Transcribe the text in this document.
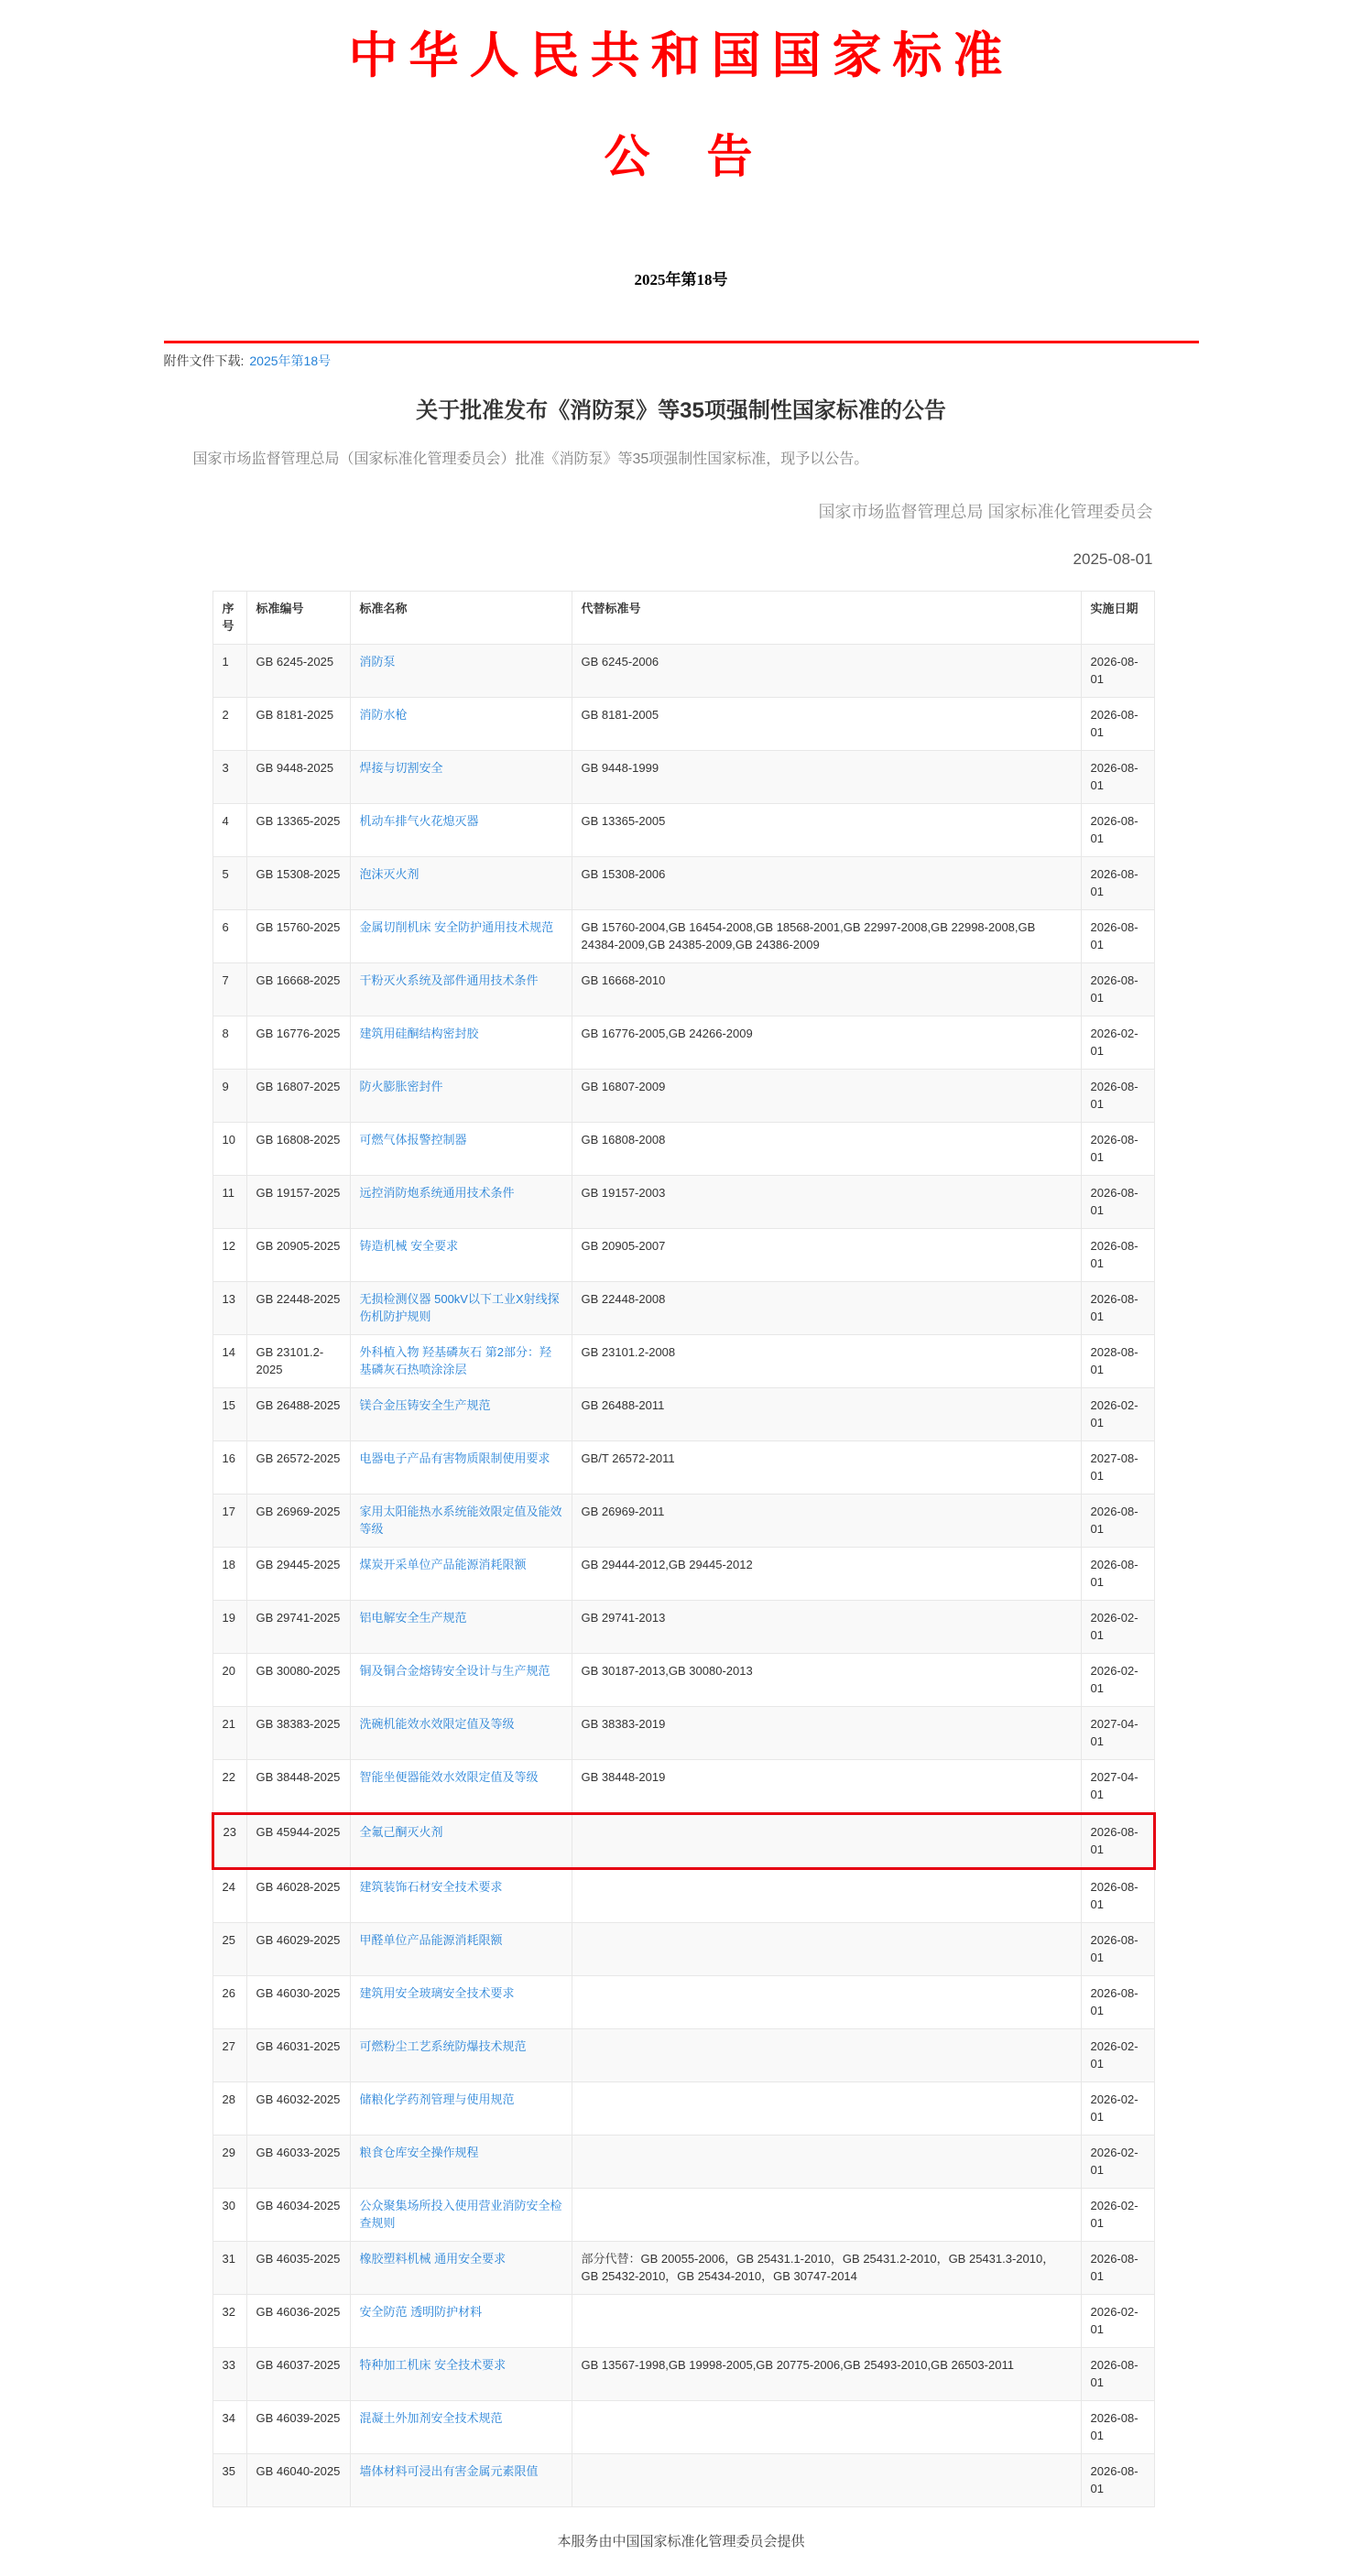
中华人民共和国国家标准
公　告
2025年第18号
附件文件下载: 2025年第18号
关于批准发布《消防泵》等35项强制性国家标准的公告
国家市场监督管理总局（国家标准化管理委员会）批准《消防泵》等35项强制性国家标准，现予以公告。
国家市场监督管理总局 国家标准化管理委员会
2025-08-01
序号	标准编号	标准名称	代替标准号	实施日期
1	GB 6245-2025	消防泵	GB 6245-2006	2026-08-01
2	GB 8181-2025	消防水枪	GB 8181-2005	2026-08-01
3	GB 9448-2025	焊接与切割安全	GB 9448-1999	2026-08-01
4	GB 13365-2025	机动车排气火花熄灭器	GB 13365-2005	2026-08-01
5	GB 15308-2025	泡沫灭火剂	GB 15308-2006	2026-08-01
6	GB 15760-2025	金属切削机床 安全防护通用技术规范	GB 15760-2004,GB 16454-2008,GB 18568-2001,GB 22997-2008,GB 22998-2008,GB 24384-2009,GB 24385-2009,GB 24386-2009	2026-08-01
7	GB 16668-2025	干粉灭火系统及部件通用技术条件	GB 16668-2010	2026-08-01
8	GB 16776-2025	建筑用硅酮结构密封胶	GB 16776-2005,GB 24266-2009	2026-02-01
9	GB 16807-2025	防火膨胀密封件	GB 16807-2009	2026-08-01
10	GB 16808-2025	可燃气体报警控制器	GB 16808-2008	2026-08-01
11	GB 19157-2025	远控消防炮系统通用技术条件	GB 19157-2003	2026-08-01
12	GB 20905-2025	铸造机械 安全要求	GB 20905-2007	2026-08-01
13	GB 22448-2025	无损检测仪器 500kV以下工业X射线探伤机防护规则	GB 22448-2008	2026-08-01
14	GB 23101.2-2025	外科植入物 羟基磷灰石 第2部分：羟基磷灰石热喷涂涂层	GB 23101.2-2008	2028-08-01
15	GB 26488-2025	镁合金压铸安全生产规范	GB 26488-2011	2026-02-01
16	GB 26572-2025	电器电子产品有害物质限制使用要求	GB/T 26572-2011	2027-08-01
17	GB 26969-2025	家用太阳能热水系统能效限定值及能效等级	GB 26969-2011	2026-08-01
18	GB 29445-2025	煤炭开采单位产品能源消耗限额	GB 29444-2012,GB 29445-2012	2026-08-01
19	GB 29741-2025	铝电解安全生产规范	GB 29741-2013	2026-02-01
20	GB 30080-2025	铜及铜合金熔铸安全设计与生产规范	GB 30187-2013,GB 30080-2013	2026-02-01
21	GB 38383-2025	洗碗机能效水效限定值及等级	GB 38383-2019	2027-04-01
22	GB 38448-2025	智能坐便器能效水效限定值及等级	GB 38448-2019	2027-04-01
23	GB 45944-2025	全氟己酮灭火剂		2026-08-01
24	GB 46028-2025	建筑装饰石材安全技术要求		2026-08-01
25	GB 46029-2025	甲醛单位产品能源消耗限额		2026-08-01
26	GB 46030-2025	建筑用安全玻璃安全技术要求		2026-08-01
27	GB 46031-2025	可燃粉尘工艺系统防爆技术规范		2026-02-01
28	GB 46032-2025	储粮化学药剂管理与使用规范		2026-02-01
29	GB 46033-2025	粮食仓库安全操作规程		2026-02-01
30	GB 46034-2025	公众聚集场所投入使用营业消防安全检查规则		2026-02-01
31	GB 46035-2025	橡胶塑料机械 通用安全要求	部分代替：GB 20055-2006，GB 25431.1-2010，GB 25431.2-2010，GB 25431.3-2010，GB 25432-2010，GB 25434-2010，GB 30747-2014	2026-08-01
32	GB 46036-2025	安全防范 透明防护材料		2026-02-01
33	GB 46037-2025	特种加工机床 安全技术要求	GB 13567-1998,GB 19998-2005,GB 20775-2006,GB 25493-2010,GB 26503-2011	2026-08-01
34	GB 46039-2025	混凝土外加剂安全技术规范		2026-08-01
35	GB 46040-2025	墙体材料可浸出有害金属元素限值		2026-08-01
本服务由中国国家标准化管理委员会提供
